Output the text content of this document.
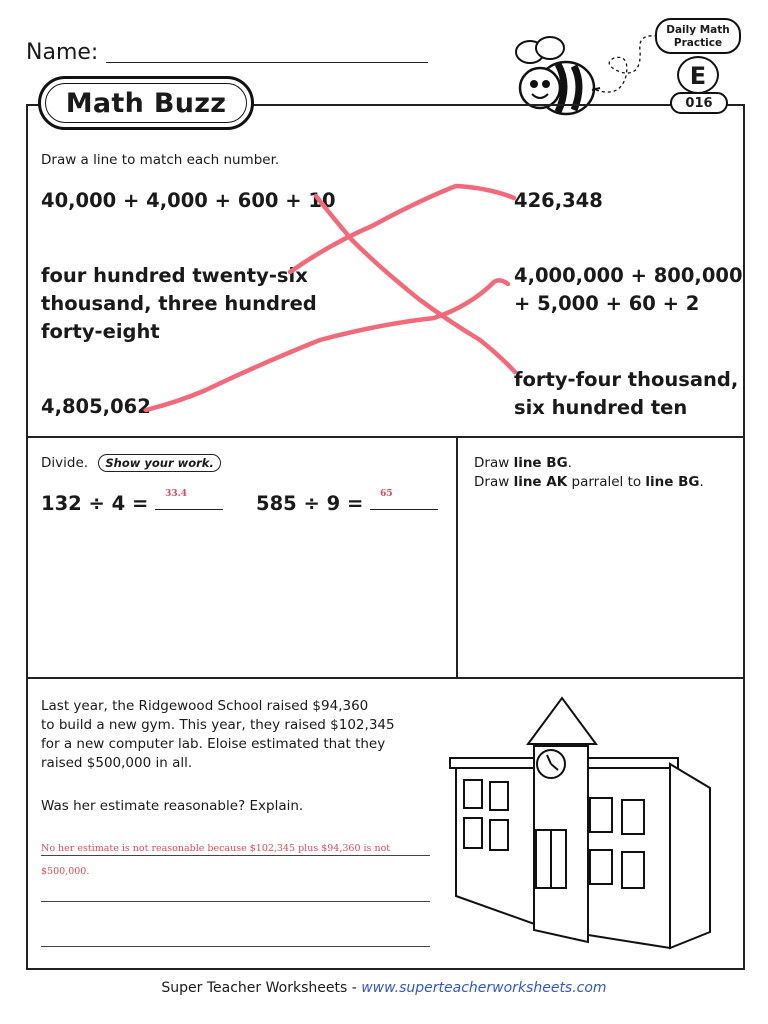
Name:
Math Buzz
Daily Math
Practice
E
016
Draw a line to match each number.
40,000 + 4,000 + 600 + 10
four hundred twenty-six
thousand, three hundred
forty-eight
4,805,062
426,348
4,000,000 + 800,000
+ 5,000 + 60 + 2
forty-four thousand,
six hundred ten
Divide. Show your work.
132 ÷ 4 = 33.4	585 ÷ 9 = 65
Draw line BG.
Draw line AK parralel to line BG.
Last year, the Ridgewood School raised $94,360
to build a new gym. This year, they raised $102,345
for a new computer lab. Eloise estimated that they
raised $500,000 in all.
Was her estimate reasonable? Explain.
No her estimate is not reasonable because $102,345 plus $94,360 is not
$500,000.
Super Teacher Worksheets - www.superteacherworksheets.com
